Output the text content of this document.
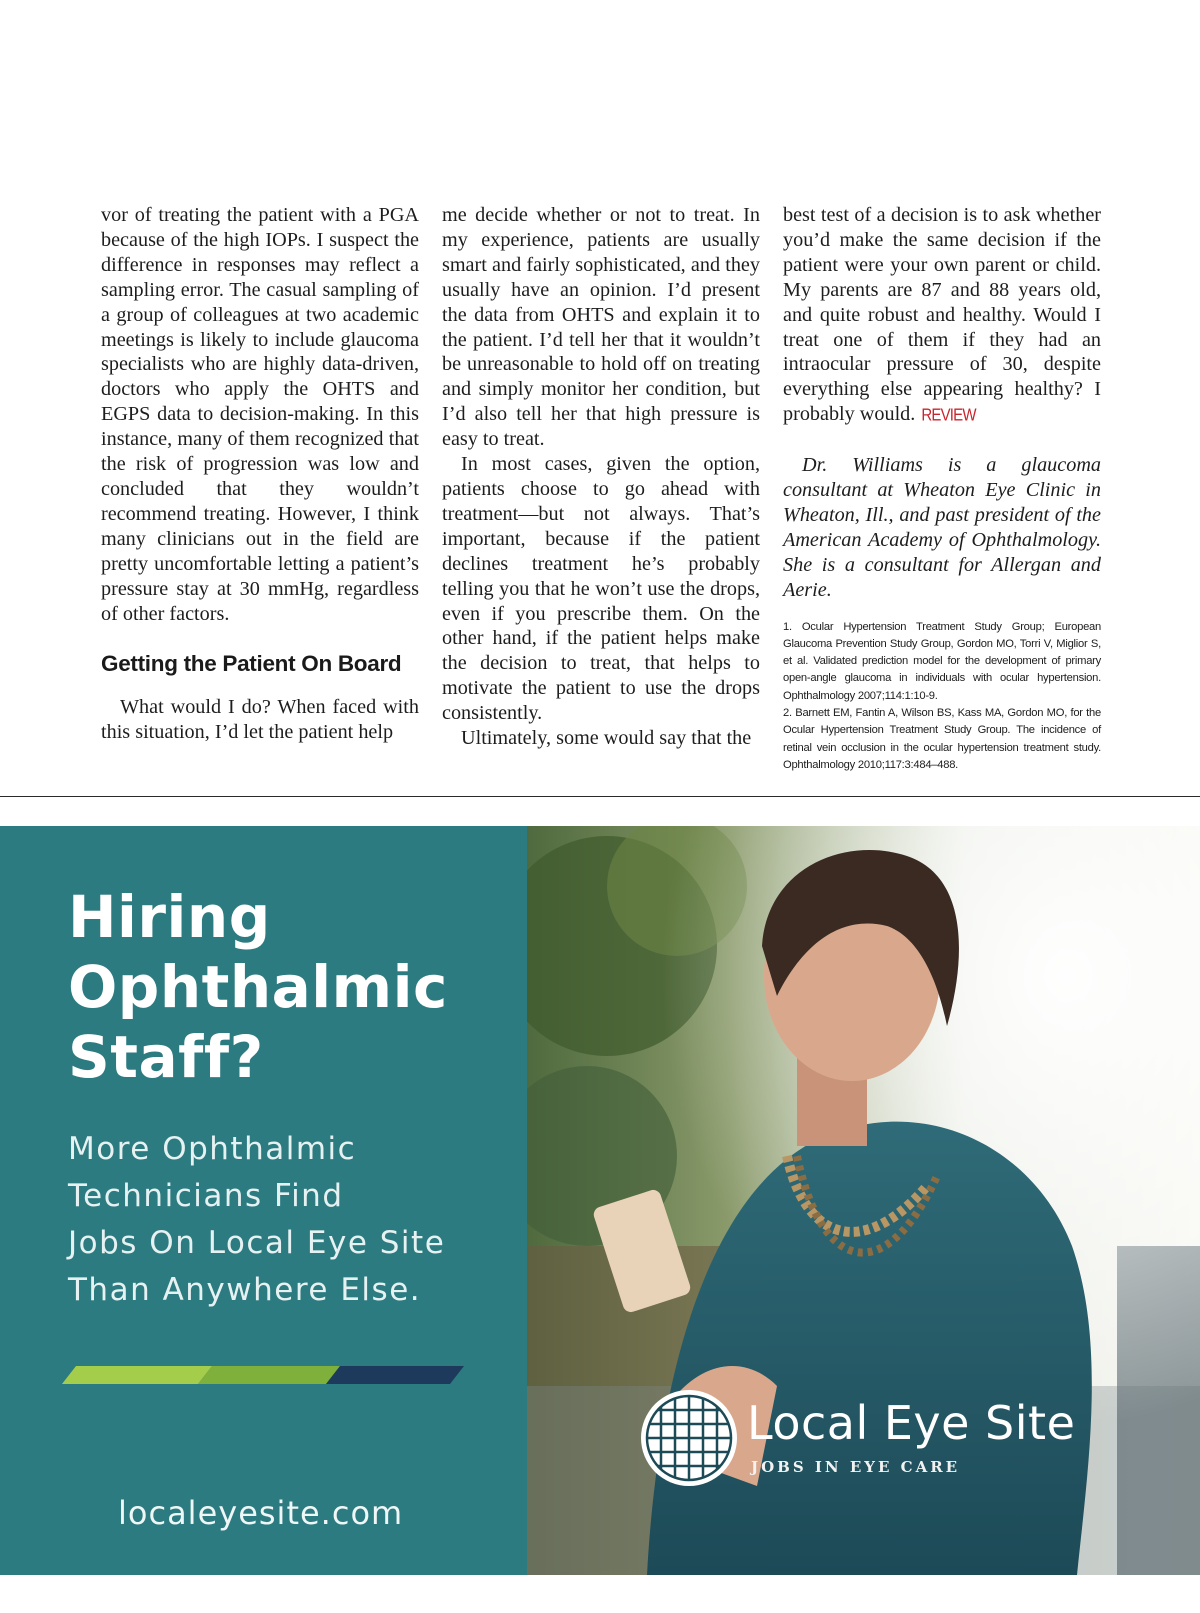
vor of treating the patient with a PGA because of the high IOPs. I suspect the difference in responses may reflect a sampling error. The casual sampling of a group of colleagues at two academic meetings is likely to include glaucoma specialists who are highly data-driven, doctors who apply the OHTS and EGPS data to decision-making. In this instance, many of them recognized that the risk of progression was low and concluded that they wouldn’t recommend treating. However, I think many clinicians out in the field are pretty uncomfortable letting a patient’s pressure stay at 30 mmHg, regardless of other factors.

Getting the Patient On Board

What would I do? When faced with this situation, I’d let the patient help

me decide whether or not to treat. In my experience, patients are usually smart and fairly sophisticated, and they usually have an opinion. I’d present the data from OHTS and explain it to the patient. I’d tell her that it wouldn’t be unreasonable to hold off on treating and simply monitor her condition, but I’d also tell her that high pressure is easy to treat.

In most cases, given the option, patients choose to go ahead with treatment—but not always. That’s important, because if the patient declines treatment he’s probably telling you that he won’t use the drops, even if you prescribe them. On the other hand, if the patient helps make the decision to treat, that helps to motivate the patient to use the drops consistently.

Ultimately, some would say that the

best test of a decision is to ask whether you’d make the same decision if the patient were your own parent or child. My parents are 87 and 88 years old, and quite robust and healthy. Would I treat one of them if they had an intraocular pressure of 30, despite everything else appearing healthy? I probably would. REVIEW

Dr. Williams is a glaucoma consultant at Wheaton Eye Clinic in Wheaton, Ill., and past president of the American Academy of Ophthalmology. She is a consultant for Allergan and Aerie.

1. Ocular Hypertension Treatment Study Group; European Glaucoma Prevention Study Group, Gordon MO, Torri V, Miglior S, et al. Validated prediction model for the development of primary open-angle glaucoma in individuals with ocular hypertension. Ophthalmology 2007;114:1:10-9.

2. Barnett EM, Fantin A, Wilson BS, Kass MA, Gordon MO, for the Ocular Hypertension Treatment Study Group. The incidence of retinal vein occlusion in the ocular hypertension treatment study. Ophthalmology 2010;117:3:484–488.

Hiring
Ophthalmic
Staff?

More Ophthalmic
Technicians Find
Jobs On Local Eye Site
Than Anywhere Else.

localeyesite.com
Local Eye Site
JOBS IN EYE CARE
